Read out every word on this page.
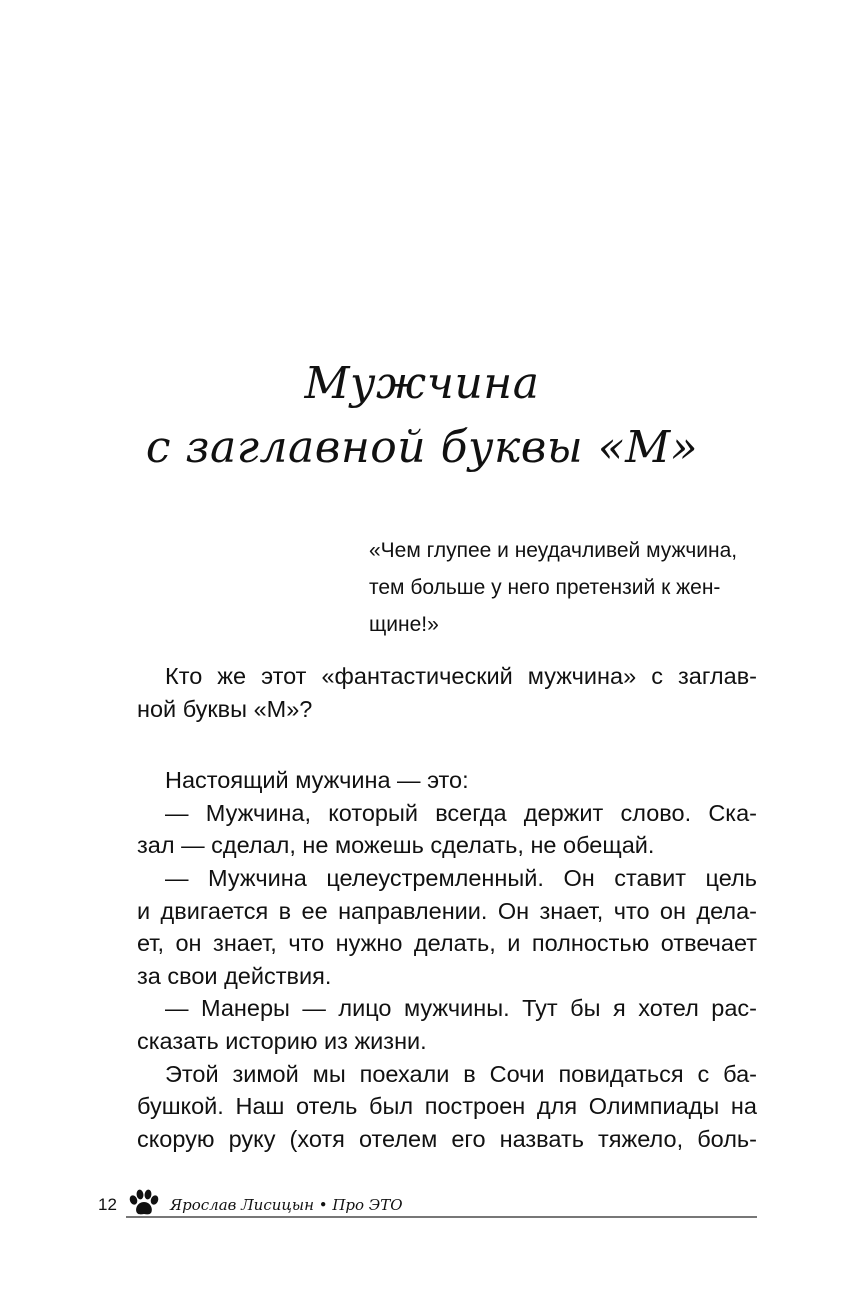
Мужчина
с заглавной буквы «М»
«Чем глупее и неудачливей мужчина,
тем больше у него претензий к жен-
щине!»
Кто же этот «фантастический мужчина» с заглав-
ной буквы «М»?
Настоящий мужчина — это:
— Мужчина, который всегда держит слово. Ска-
зал — сделал, не можешь сделать, не обещай.
— Мужчина целеустремленный. Он ставит цель
и двигается в ее направлении. Он знает, что он дела-
ет, он знает, что нужно делать, и полностью отвечает
за свои действия.
— Манеры — лицо мужчины. Тут бы я хотел рас-
сказать историю из жизни.
Этой зимой мы поехали в Сочи повидаться с ба-
бушкой. Наш отель был построен для Олимпиады на
скорую руку (хотя отелем его назвать тяжело, боль-
12	Ярослав Лисицын • Про ЭТО
